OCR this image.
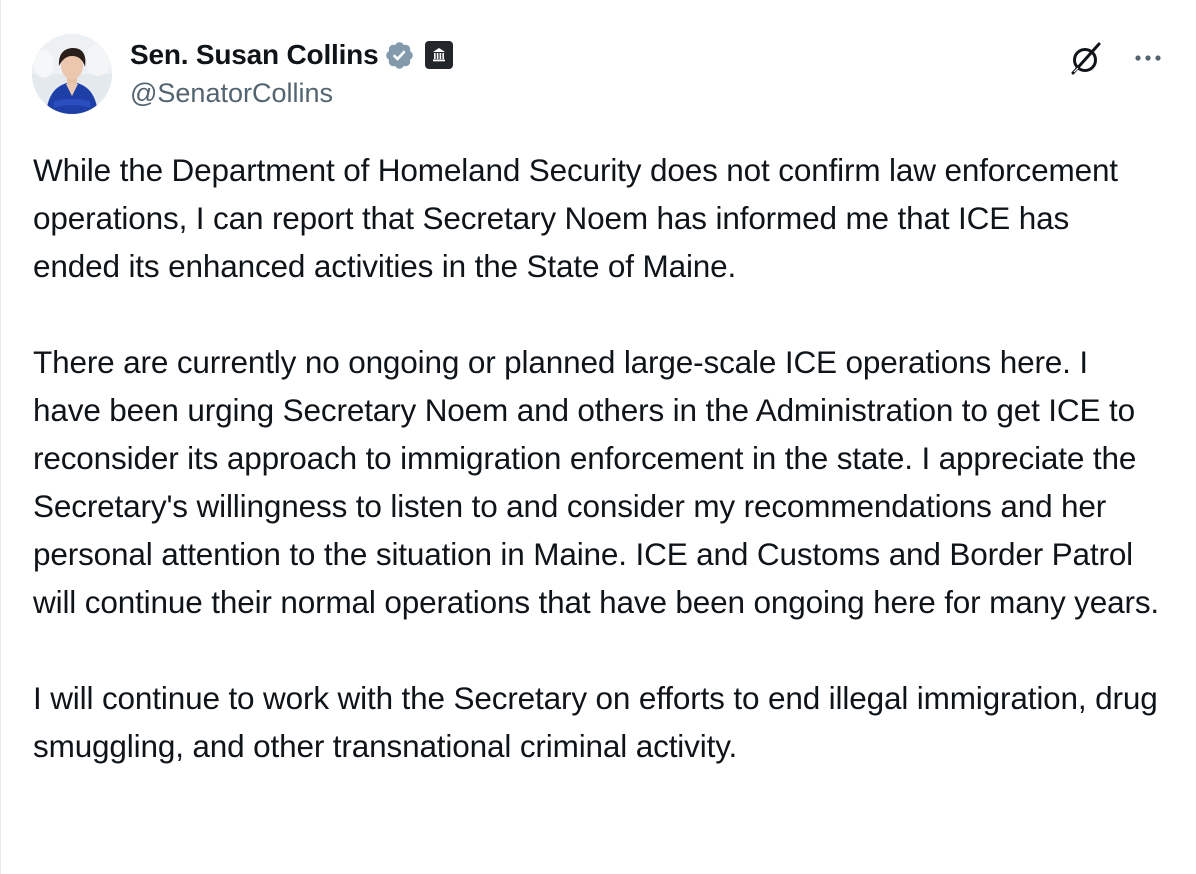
Sen. Susan Collins
@SenatorCollins

While the Department of Homeland Security does not confirm law enforcement operations, I can report that Secretary Noem has informed me that ICE has ended its enhanced activities in the State of Maine.

There are currently no ongoing or planned large-scale ICE operations here. I have been urging Secretary Noem and others in the Administration to get ICE to reconsider its approach to immigration enforcement in the state. I appreciate the Secretary's willingness to listen to and consider my recommendations and her personal attention to the situation in Maine. ICE and Customs and Border Patrol will continue their normal operations that have been ongoing here for many years.

I will continue to work with the Secretary on efforts to end illegal immigration, drug smuggling, and other transnational criminal activity.
